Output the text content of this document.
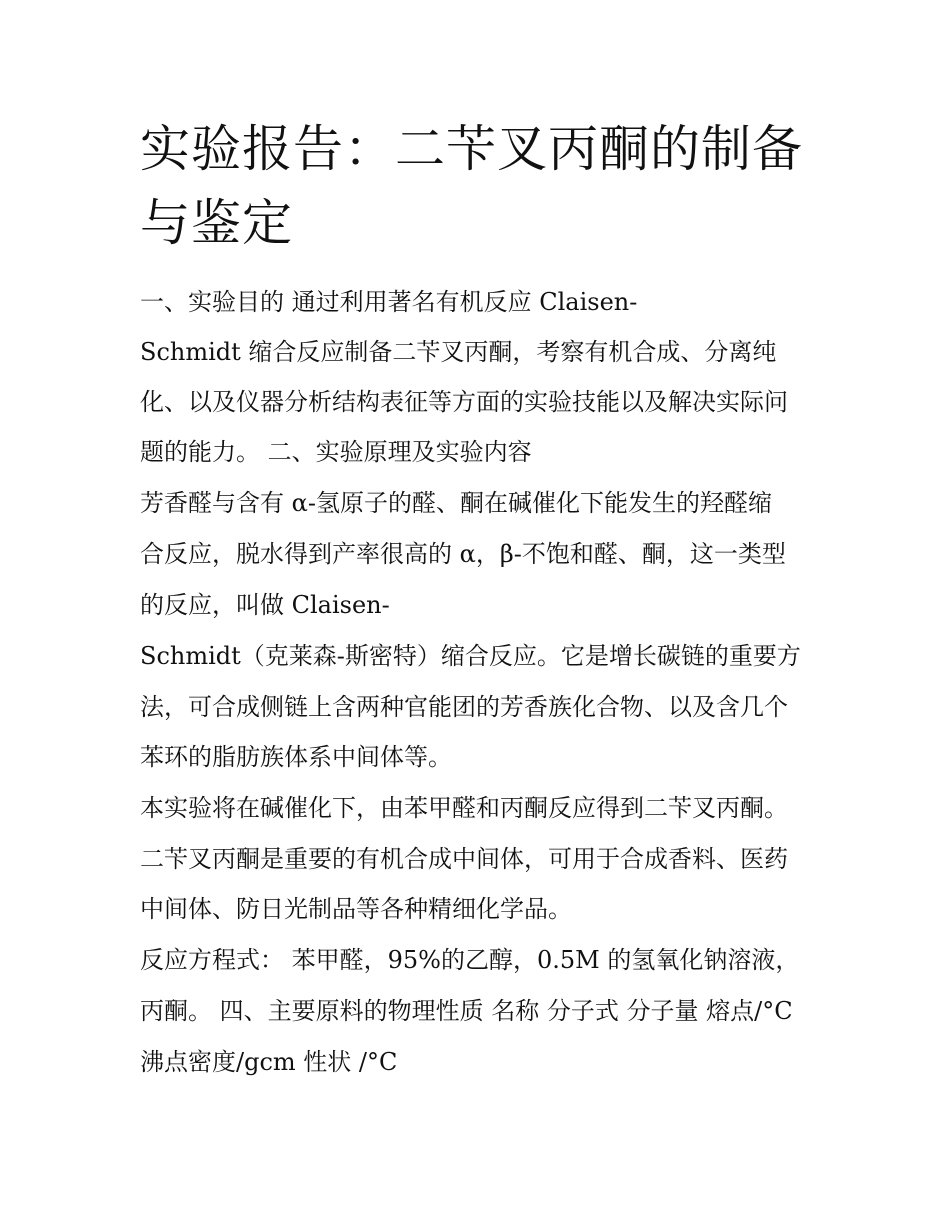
实验报告：二苄叉丙酮的制备
与鉴定

一、实验目的 通过利用著名有机反应 Claisen-

Schmidt 缩合反应制备二苄叉丙酮，考察有机合成、分离纯

化、以及仪器分析结构表征等方面的实验技能以及解决实际问

题的能力。 二、实验原理及实验内容

芳香醛与含有 α-氢原子的醛、酮在碱催化下能发生的羟醛缩

合反应，脱水得到产率很高的 α，β-不饱和醛、酮，这一类型

的反应，叫做 Claisen-

Schmidt（克莱森-斯密特）缩合反应。它是增长碳链的重要方

法，可合成侧链上含两种官能团的芳香族化合物、以及含几个

苯环的脂肪族体系中间体等。

本实验将在碱催化下，由苯甲醛和丙酮反应得到二苄叉丙酮。

二苄叉丙酮是重要的有机合成中间体，可用于合成香料、医药

中间体、防日光制品等各种精细化学品。

反应方程式： 苯甲醛，95%的乙醇，0.5M 的氢氧化钠溶液，

丙酮。 四、主要原料的物理性质 名称 分子式 分子量 熔点/°C

沸点密度/gcm 性状 /°C
